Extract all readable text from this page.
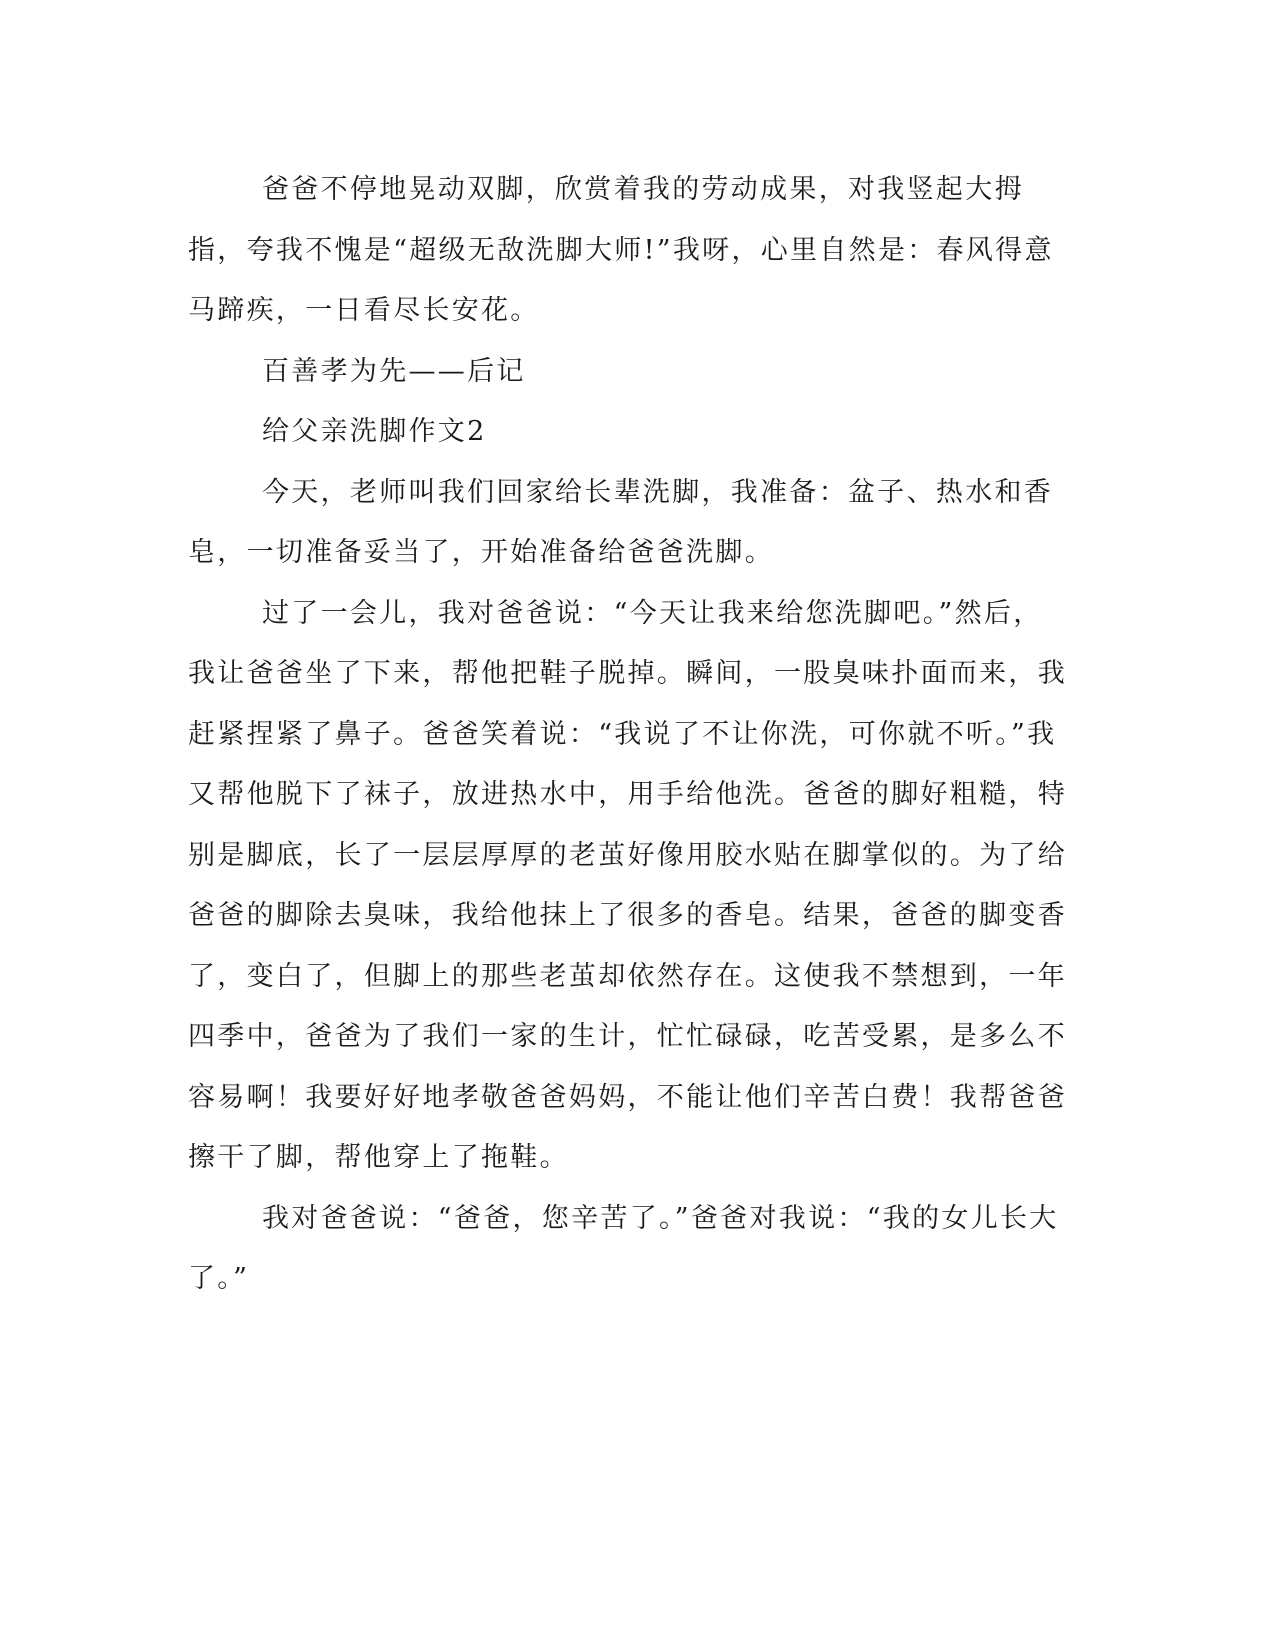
爸爸不停地晃动双脚，欣赏着我的劳动成果，对我竖起大拇指，夸我不愧是“超级无敌洗脚大师!”我呀，心里自然是：春风得意马蹄疾，一日看尽长安花。

百善孝为先——后记

给父亲洗脚作文2

今天，老师叫我们回家给长辈洗脚，我准备：盆子、热水和香皂，一切准备妥当了，开始准备给爸爸洗脚。

过了一会儿，我对爸爸说：“今天让我来给您洗脚吧。”然后，我让爸爸坐了下来，帮他把鞋子脱掉。瞬间，一股臭味扑面而来，我赶紧捏紧了鼻子。爸爸笑着说：“我说了不让你洗，可你就不听。”我又帮他脱下了袜子，放进热水中，用手给他洗。爸爸的脚好粗糙，特别是脚底，长了一层层厚厚的老茧好像用胶水贴在脚掌似的。为了给爸爸的脚除去臭味，我给他抹上了很多的香皂。结果，爸爸的脚变香了，变白了，但脚上的那些老茧却依然存在。这使我不禁想到，一年四季中，爸爸为了我们一家的生计，忙忙碌碌，吃苦受累，是多么不容易啊！我要好好地孝敬爸爸妈妈，不能让他们辛苦白费！我帮爸爸擦干了脚，帮他穿上了拖鞋。

我对爸爸说：“爸爸，您辛苦了。”爸爸对我说：“我的女儿长大了。”
